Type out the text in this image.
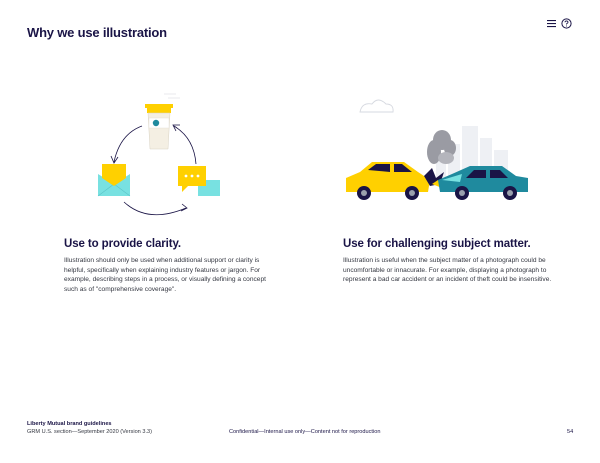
Why we use illustration
Use to provide clarity.

Illustration should only be used when additional support or clarity is helpful, specifically when explaining industry features or jargon. For example, describing steps in a process, or visually defining a concept such as of "comprehensive coverage".

Use for challenging subject matter.

Illustration is useful when the subject matter of a photograph could be uncomfortable or innacurate. For example, displaying a photograph to represent a bad car accident or an incident of theft could be insensitive.

Liberty Mutual brand guidelines
GRM U.S. section—September 2020 (Version 3.3)	Confidential—Internal use only—Content not for reproduction	54
